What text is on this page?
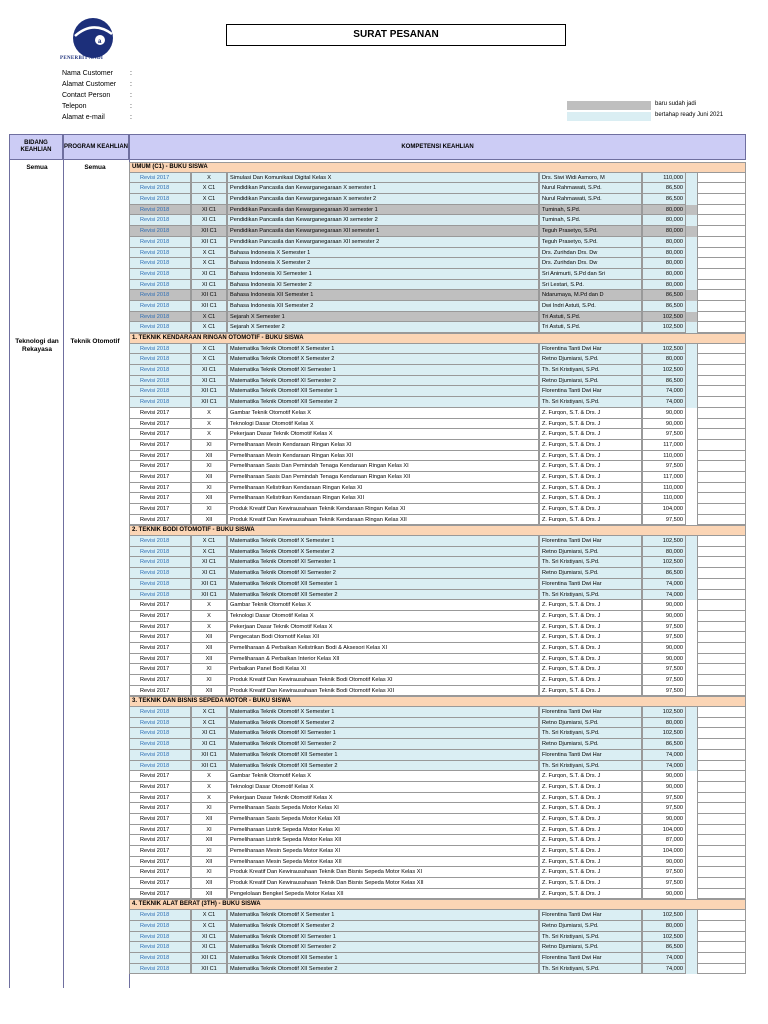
a
PENERBIT ANDI
SURAT PESANAN
Nama Customer	:
Alamat Customer	:
Contact Person	:
Telepon	:
Alamat e-mail	:
baru sudah jadi
bertahap ready Juni 2021
BIDANG KEAHLIAN
PROGRAM KEAHLIAN	KOMPETENSI KEAHLIAN
Semua	Semua
Teknologi dan Rekayasa
Teknik Otomotif
UMUM (C1) - BUKU SISWA
Revisi 2017	X	Simulasi Dan Komunikasi Digital Kelas X	Drs. Siwi Widi Asmoro, M	110,000
Revisi 2018	X C1	Pendidikan Pancasila dan Kewarganegaraan X semester 1	Nurul Rahmawati, S.Pd.	86,500
Revisi 2018	X C1	Pendidikan Pancasila dan Kewarganegaraan X semester 2	Nurul Rahmawati, S.Pd.	86,500
Revisi 2018	XI C1	Pendidikan Pancasila dan Kewarganegaraan XI semester 1	Tuminah, S.Pd.	80,000
Revisi 2018	XI C1	Pendidikan Pancasila dan Kewarganegaraan XI semester 2	Tuminah, S.Pd.	80,000
Revisi 2018	XII C1	Pendidikan Pancasila dan Kewarganegaraan XII semester 1	Teguh Prasetyo, S.Pd.	80,000
Revisi 2018	XII C1	Pendidikan Pancasila dan Kewarganegaraan XII semester 2	Teguh Prasetyo, S.Pd.	80,000
Revisi 2018	X C1	Bahasa Indonesia X Semester 1	Drs. Zurihdan Drs. Dw	80,000
Revisi 2018	X C1	Bahasa Indonesia X Semester 2	Drs. Zurihdan Drs. Dw	80,000
Revisi 2018	XI C1	Bahasa Indonesia XI Semester 1	Sri Animurti, S.Pd dan Sri	80,000
Revisi 2018	XI C1	Bahasa Indonesia XI Semester 2	Sri Lestari, S.Pd.	80,000
Revisi 2018	XII C1	Bahasa Indonesia XII Semester 1	Ndarumaya, M.Pd dan D	86,500
Revisi 2018	XII C1	Bahasa Indonesia XII Semester 2	Dwi Indri Astuti, S.Pd.	86,500
Revisi 2018	X C1	Sejarah X Semester 1	Tri Astuti, S.Pd.	102,500
Revisi 2018	X C1	Sejarah X Semester 2	Tri Astuti, S.Pd.	102,500
1. TEKNIK KENDARAAN RINGAN OTOMOTIF - BUKU SISWA
Revisi 2018	X C1	Matematika Teknik Otomotif X Semester 1	Florentina Tanti Dwi Har	102,500
Revisi 2018	X C1	Matematika Teknik Otomotif X Semester 2	Retno Djumiarsi, S.Pd.	80,000
Revisi 2018	XI C1	Matematika Teknik Otomotif XI Semester 1	Th. Sri Kristiyani, S.Pd.	102,500
Revisi 2018	XI C1	Matematika Teknik Otomotif XI Semester 2	Retno Djumiarsi, S.Pd.	86,500
Revisi 2018	XII C1	Matematika Teknik Otomotif XII Semester 1	Florentina Tanti Dwi Har	74,000
Revisi 2018	XII C1	Matematika Teknik Otomotif XII Semester 2	Th. Sri Kristiyani, S.Pd.	74,000
Revisi 2017	X	Gambar Teknik Otomotif Kelas X	Z. Furqon, S.T. & Drs. J	90,000
Revisi 2017	X	Teknologi Dasar Otomotif Kelas X	Z. Furqon, S.T. & Drs. J	90,000
Revisi 2017	X	Pekerjaan Dasar Teknik Otomotif Kelas X	Z. Furqon, S.T. & Drs. J	97,500
Revisi 2017	XI	Pemeliharaan Mesin Kendaraan Ringan Kelas XI	Z. Furqon, S.T. & Drs. J	117,000
Revisi 2017	XII	Pemeliharaan Mesin Kendaraan Ringan Kelas XII	Z. Furqon, S.T. & Drs. J	110,000
Revisi 2017	XI	Pemeliharaan Sasis Dan Pemindah Tenaga Kendaraan Ringan Kelas XI	Z. Furqon, S.T. & Drs. J	97,500
Revisi 2017	XII	Pemeliharaan Sasis Dan Pemindah Tenaga Kendaraan Ringan Kelas XII	Z. Furqon, S.T. & Drs. J	117,000
Revisi 2017	XI	Pemeliharaan Kelistrikan Kendaraan Ringan Kelas XI	Z. Furqon, S.T. & Drs. J	110,000
Revisi 2017	XII	Pemeliharaan Kelistrikan Kendaraan Ringan Kelas XII	Z. Furqon, S.T. & Drs. J	110,000
Revisi 2017	XI	Produk Kreatif Dan Kewirausahaan Teknik Kendaraan Ringan Kelas XI	Z. Furqon, S.T. & Drs. J	104,000
Revisi 2017	XII	Produk Kreatif Dan Kewirausahaan Teknik Kendaraan Ringan Kelas XII	Z. Furqon, S.T. & Drs. J	97,500
2. TEKNIK BODI OTOMOTIF - BUKU SISWA
Revisi 2018	X C1	Matematika Teknik Otomotif X Semester 1	Florentina Tanti Dwi Har	102,500
Revisi 2018	X C1	Matematika Teknik Otomotif X Semester 2	Retno Djumiarsi, S.Pd.	80,000
Revisi 2018	XI C1	Matematika Teknik Otomotif XI Semester 1	Th. Sri Kristiyani, S.Pd.	102,500
Revisi 2018	XI C1	Matematika Teknik Otomotif XI Semester 2	Retno Djumiarsi, S.Pd.	86,500
Revisi 2018	XII C1	Matematika Teknik Otomotif XII Semester 1	Florentina Tanti Dwi Har	74,000
Revisi 2018	XII C1	Matematika Teknik Otomotif XII Semester 2	Th. Sri Kristiyani, S.Pd.	74,000
Revisi 2017	X	Gambar Teknik Otomotif Kelas X	Z. Furqon, S.T. & Drs. J	90,000
Revisi 2017	X	Teknologi Dasar Otomotif Kelas X	Z. Furqon, S.T. & Drs. J	90,000
Revisi 2017	X	Pekerjaan Dasar Teknik Otomotif Kelas X	Z. Furqon, S.T. & Drs. J	97,500
Revisi 2017	XII	Pengecatan Bodi Otomotif Kelas XII	Z. Furqon, S.T. & Drs. J	97,500
Revisi 2017	XII	Pemeliharaan & Perbaikan Kelistrikan Bodi & Aksesori Kelas XI	Z. Furqon, S.T. & Drs. J	90,000
Revisi 2017	XII	Pemeliharaan & Perbaikan Interior Kelas XII	Z. Furqon, S.T. & Drs. J	90,000
Revisi 2017	XI	Perbaikan Panel Bodi Kelas XI	Z. Furqon, S.T. & Drs. J	97,500
Revisi 2017	XI	Produk Kreatif Dan Kewirausahaan Teknik Bodi Otomotif Kelas XI	Z. Furqon, S.T. & Drs. J	97,500
Revisi 2017	XII	Produk Kreatif Dan Kewirausahaan Teknik Bodi Otomotif Kelas XII	Z. Furqon, S.T. & Drs. J	97,500
3. TEKNIK DAN BISNIS SEPEDA MOTOR - BUKU SISWA
Revisi 2018	X C1	Matematika Teknik Otomotif X Semester 1	Florentina Tanti Dwi Har	102,500
Revisi 2018	X C1	Matematika Teknik Otomotif X Semester 2	Retno Djumiarsi, S.Pd.	80,000
Revisi 2018	XI C1	Matematika Teknik Otomotif XI Semester 1	Th. Sri Kristiyani, S.Pd.	102,500
Revisi 2018	XI C1	Matematika Teknik Otomotif XI Semester 2	Retno Djumiarsi, S.Pd.	86,500
Revisi 2018	XII C1	Matematika Teknik Otomotif XII Semester 1	Florentina Tanti Dwi Har	74,000
Revisi 2018	XII C1	Matematika Teknik Otomotif XII Semester 2	Th. Sri Kristiyani, S.Pd.	74,000
Revisi 2017	X	Gambar Teknik Otomotif Kelas X	Z. Furqon, S.T. & Drs. J	90,000
Revisi 2017	X	Teknologi Dasar Otomotif Kelas X	Z. Furqon, S.T. & Drs. J	90,000
Revisi 2017	X	Pekerjaan Dasar Teknik Otomotif Kelas X	Z. Furqon, S.T. & Drs. J	97,500
Revisi 2017	XI	Pemeliharaan Sasis Sepeda Motor Kelas XI	Z. Furqon, S.T. & Drs. J	97,500
Revisi 2017	XII	Pemeliharaan Sasis Sepeda Motor Kelas XII	Z. Furqon, S.T. & Drs. J	90,000
Revisi 2017	XI	Pemeliharaan Listrik Sepeda Motor Kelas XI	Z. Furqon, S.T. & Drs. J	104,000
Revisi 2017	XII	Pemeliharaan Listrik Sepeda Motor Kelas XII	Z. Furqon, S.T. & Drs. J	87,000
Revisi 2017	XI	Pemeliharaan Mesin Sepeda Motor Kelas XI	Z. Furqon, S.T. & Drs. J	104,000
Revisi 2017	XII	Pemeliharaan Mesin Sepeda Motor Kelas XII	Z. Furqon, S.T. & Drs. J	90,000
Revisi 2017	XI	Produk Kreatif Dan Kewirausahaan Teknik Dan Bisnis Sepeda Motor Kelas XI	Z. Furqon, S.T. & Drs. J	97,500
Revisi 2017	XII	Produk Kreatif Dan Kewirausahaan Teknik Dan Bisnis Sepeda Motor Kelas XII	Z. Furqon, S.T. & Drs. J	97,500
Revisi 2017	XII	Pengelolaan Bengkel Sepeda Motor Kelas XII	Z. Furqon, S.T. & Drs. J	90,000
4. TEKNIK ALAT BERAT (3TH) - BUKU SISWA
Revisi 2018	X C1	Matematika Teknik Otomotif X Semester 1	Florentina Tanti Dwi Har	102,500
Revisi 2018	X C1	Matematika Teknik Otomotif X Semester 2	Retno Djumiarsi, S.Pd.	80,000
Revisi 2018	XI C1	Matematika Teknik Otomotif XI Semester 1	Th. Sri Kristiyani, S.Pd.	102,500
Revisi 2018	XI C1	Matematika Teknik Otomotif XI Semester 2	Retno Djumiarsi, S.Pd.	86,500
Revisi 2018	XII C1	Matematika Teknik Otomotif XII Semester 1	Florentina Tanti Dwi Har	74,000
Revisi 2018	XII C1	Matematika Teknik Otomotif XII Semester 2	Th. Sri Kristiyani, S.Pd.	74,000
